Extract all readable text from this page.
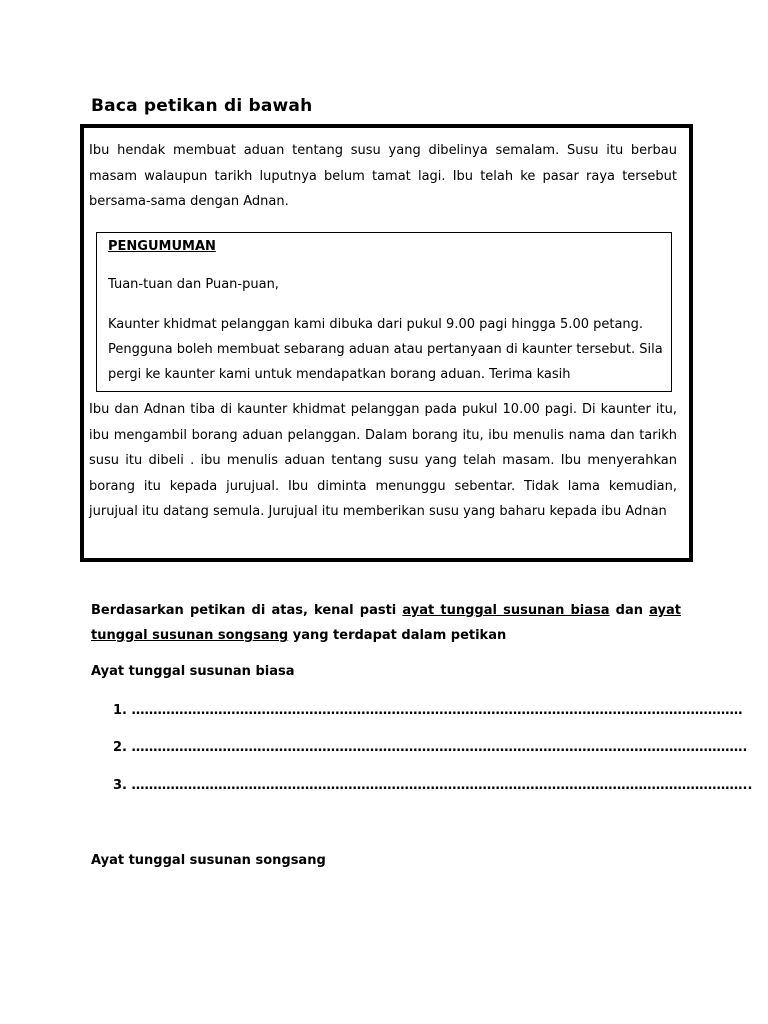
Baca petikan di bawah
Ibu hendak membuat aduan tentang susu yang dibelinya semalam. Susu itu berbau masam walaupun tarikh luputnya belum tamat lagi. Ibu telah ke pasar raya tersebut bersama-sama dengan Adnan.
PENGUMUMAN
Tuan-tuan dan Puan-puan,
Kaunter khidmat pelanggan kami dibuka dari pukul 9.00 pagi hingga 5.00 petang. Pengguna boleh membuat sebarang aduan atau pertanyaan di kaunter tersebut. Sila pergi ke kaunter kami untuk mendapatkan borang aduan. Terima kasih
Ibu dan Adnan tiba di kaunter khidmat pelanggan pada pukul 10.00 pagi. Di kaunter itu, ibu mengambil borang aduan pelanggan. Dalam borang itu, ibu menulis nama dan tarikh susu itu dibeli . ibu menulis aduan tentang susu yang telah masam. Ibu menyerahkan borang itu kepada jurujual. Ibu diminta menunggu sebentar. Tidak lama kemudian, jurujual itu datang semula. Jurujual itu memberikan susu yang baharu kepada ibu Adnan
Berdasarkan petikan di atas, kenal pasti ayat tunggal susunan biasa dan ayat tunggal susunan songsang yang terdapat dalam petikan
Ayat tunggal susunan biasa
1. ……………………………………………………………………………………………………………………………
2. …………………………………………………………………………………………………………………………….
3. ……………………………………………………………………………………………………………………………..
Ayat tunggal susunan songsang
